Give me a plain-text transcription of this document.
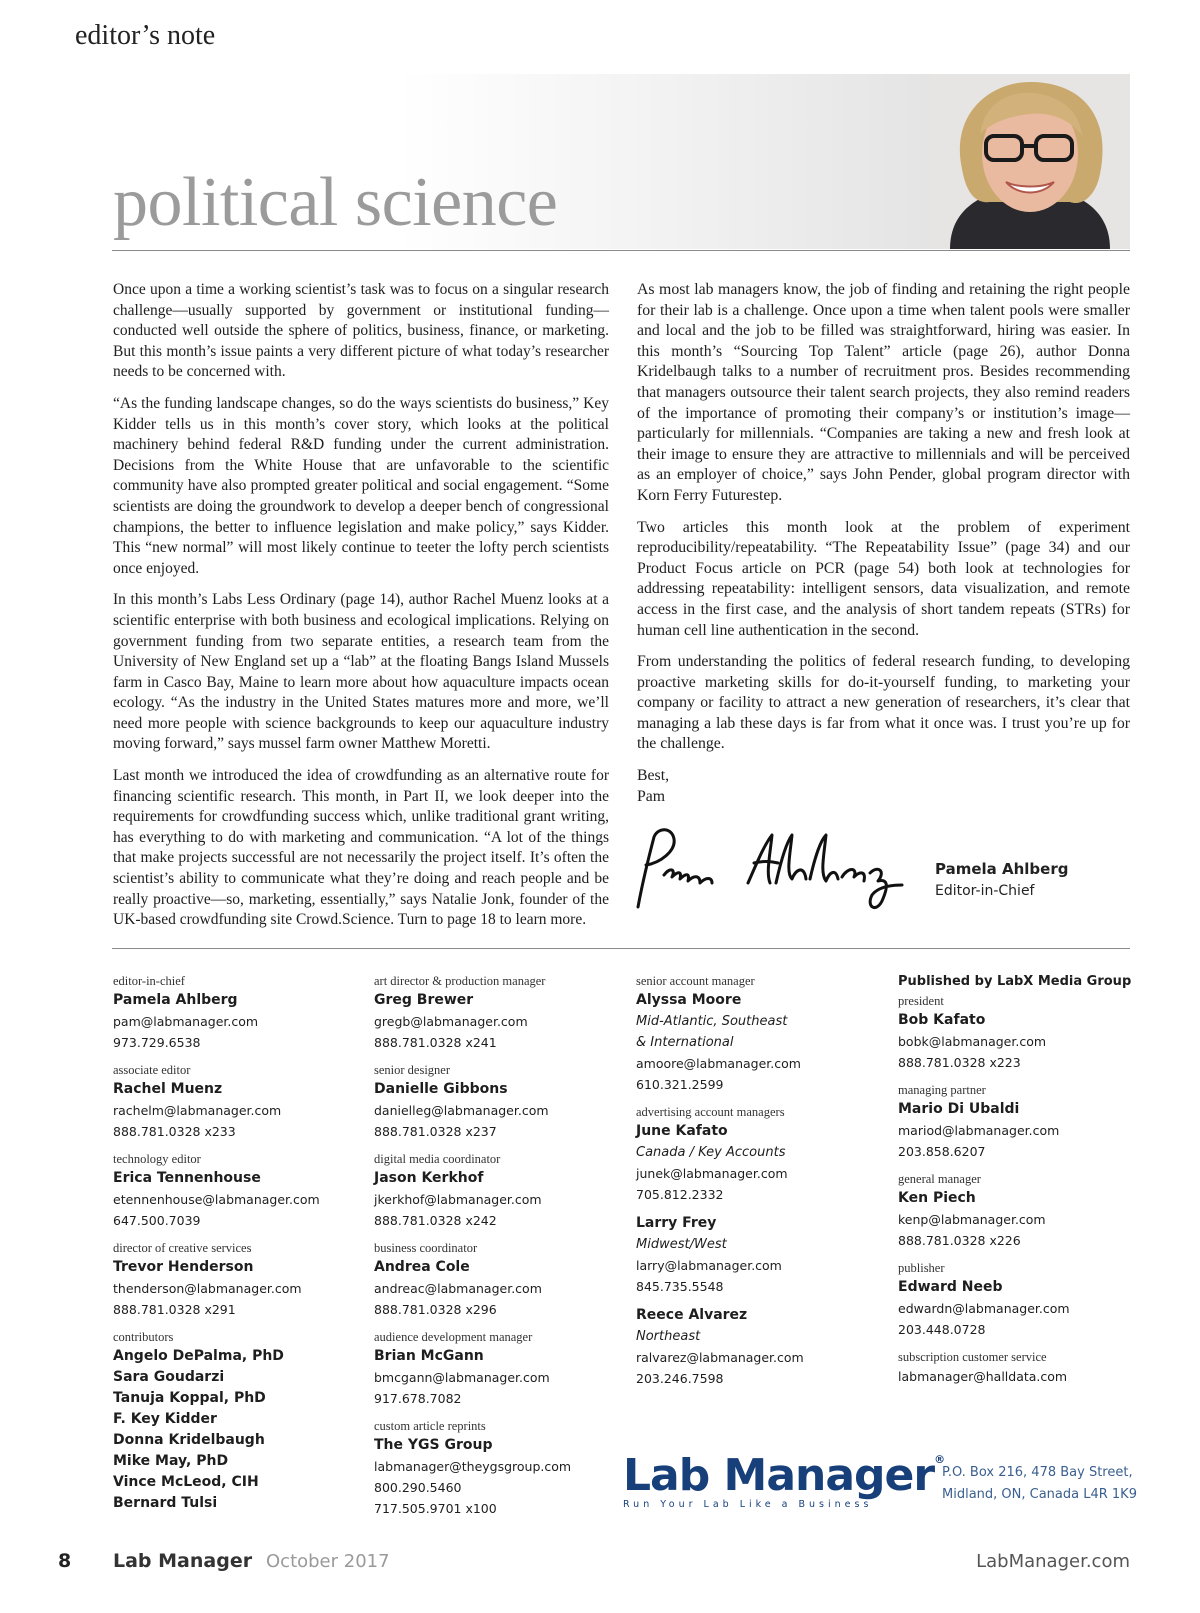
editor’s note
political science

Once upon a time a working scientist’s task was to focus on a singular research challenge—usually supported by government or institutional funding—conducted well outside the sphere of politics, business, finance, or marketing. But this month’s issue paints a very different picture of what today’s researcher needs to be concerned with.

“As the funding landscape changes, so do the ways scientists do business,” Key Kidder tells us in this month’s cover story, which looks at the political machinery behind federal R&D funding under the current administration. Decisions from the White House that are unfavorable to the scientific community have also prompted greater political and social engagement. “Some scientists are doing the groundwork to develop a deeper bench of congressional champions, the better to influence legislation and make policy,” says Kidder. This “new normal” will most likely continue to teeter the lofty perch scientists once enjoyed.

In this month’s Labs Less Ordinary (page 14), author Rachel Muenz looks at a scientific enterprise with both business and ecological implications. Relying on government funding from two separate entities, a research team from the University of New England set up a “lab” at the floating Bangs Island Mussels farm in Casco Bay, Maine to learn more about how aquaculture impacts ocean ecology. “As the industry in the United States matures more and more, we’ll need more people with science backgrounds to keep our aquaculture industry moving forward,” says mussel farm owner Matthew Moretti.

Last month we introduced the idea of crowdfunding as an alternative route for financing scientific research. This month, in Part II, we look deeper into the requirements for crowdfunding success which, unlike traditional grant writing, has everything to do with marketing and communication. “A lot of the things that make projects successful are not necessarily the project itself. It’s often the scientist’s ability to communicate what they’re doing and reach people and be really proactive—so, marketing, essentially,” says Natalie Jonk, founder of the UK-based crowdfunding site Crowd.Science. Turn to page 18 to learn more.

As most lab managers know, the job of finding and retaining the right people for their lab is a challenge. Once upon a time when talent pools were smaller and local and the job to be filled was straightforward, hiring was easier. In this month’s “Sourcing Top Talent” article (page 26), author Donna Kridelbaugh talks to a number of recruitment pros. Besides recommending that managers outsource their talent search projects, they also remind readers of the importance of promoting their company’s or institution’s image—particularly for millennials. “Companies are taking a new and fresh look at their image to ensure they are attractive to millennials and will be perceived as an employer of choice,” says John Pender, global program director with Korn Ferry Futurestep.

Two articles this month look at the problem of experiment reproducibility/repeatability. “The Repeatability Issue” (page 34) and our Product Focus article on PCR (page 54) both look at technologies for addressing repeatability: intelligent sensors, data visualization, and remote access in the first case, and the analysis of short tandem repeats (STRs) for human cell line authentication in the second.

From understanding the politics of federal research funding, to developing proactive marketing skills for do-it-yourself funding, to marketing your company or facility to attract a new generation of researchers, it’s clear that managing a lab these days is far from what it once was. I trust you’re up for the challenge.

Best,
Pam
Pamela Ahlberg
Editor-in-Chief
editor-in-chief
Pamela Ahlberg
pam@labmanager.com
973.729.6538
associate editor
Rachel Muenz
rachelm@labmanager.com
888.781.0328 x233
technology editor
Erica Tennenhouse
etennenhouse@labmanager.com
647.500.7039
director of creative services
Trevor Henderson
thenderson@labmanager.com
888.781.0328 x291
contributors
Angelo DePalma, PhD
Sara Goudarzi
Tanuja Koppal, PhD
F. Key Kidder
Donna Kridelbaugh
Mike May, PhD
Vince McLeod, CIH
Bernard Tulsi
art director & production manager
Greg Brewer
gregb@labmanager.com
888.781.0328 x241
senior designer
Danielle Gibbons
danielleg@labmanager.com
888.781.0328 x237
digital media coordinator
Jason Kerkhof
jkerkhof@labmanager.com
888.781.0328 x242
business coordinator
Andrea Cole
andreac@labmanager.com
888.781.0328 x296
audience development manager
Brian McGann
bmcgann@labmanager.com
917.678.7082
custom article reprints
The YGS Group
labmanager@theygsgroup.com
800.290.5460
717.505.9701 x100
senior account manager
Alyssa Moore
Mid-Atlantic, Southeast
& International
amoore@labmanager.com
610.321.2599
advertising account managers
June Kafato
Canada / Key Accounts
junek@labmanager.com
705.812.2332
Larry Frey
Midwest/West
larry@labmanager.com
845.735.5548
Reece Alvarez
Northeast
ralvarez@labmanager.com
203.246.7598
Published by LabX Media Group
president
Bob Kafato
bobk@labmanager.com
888.781.0328 x223
managing partner
Mario Di Ubaldi
mariod@labmanager.com
203.858.6207
general manager
Ken Piech
kenp@labmanager.com
888.781.0328 x226
publisher
Edward Neeb
edwardn@labmanager.com
203.448.0728
subscription customer service
labmanager@halldata.com
Lab Manager®
Run Your Lab Like a Business
P.O. Box 216, 478 Bay Street,
Midland, ON, Canada L4R 1K9
8 Lab Manager October 2017	LabManager.com
